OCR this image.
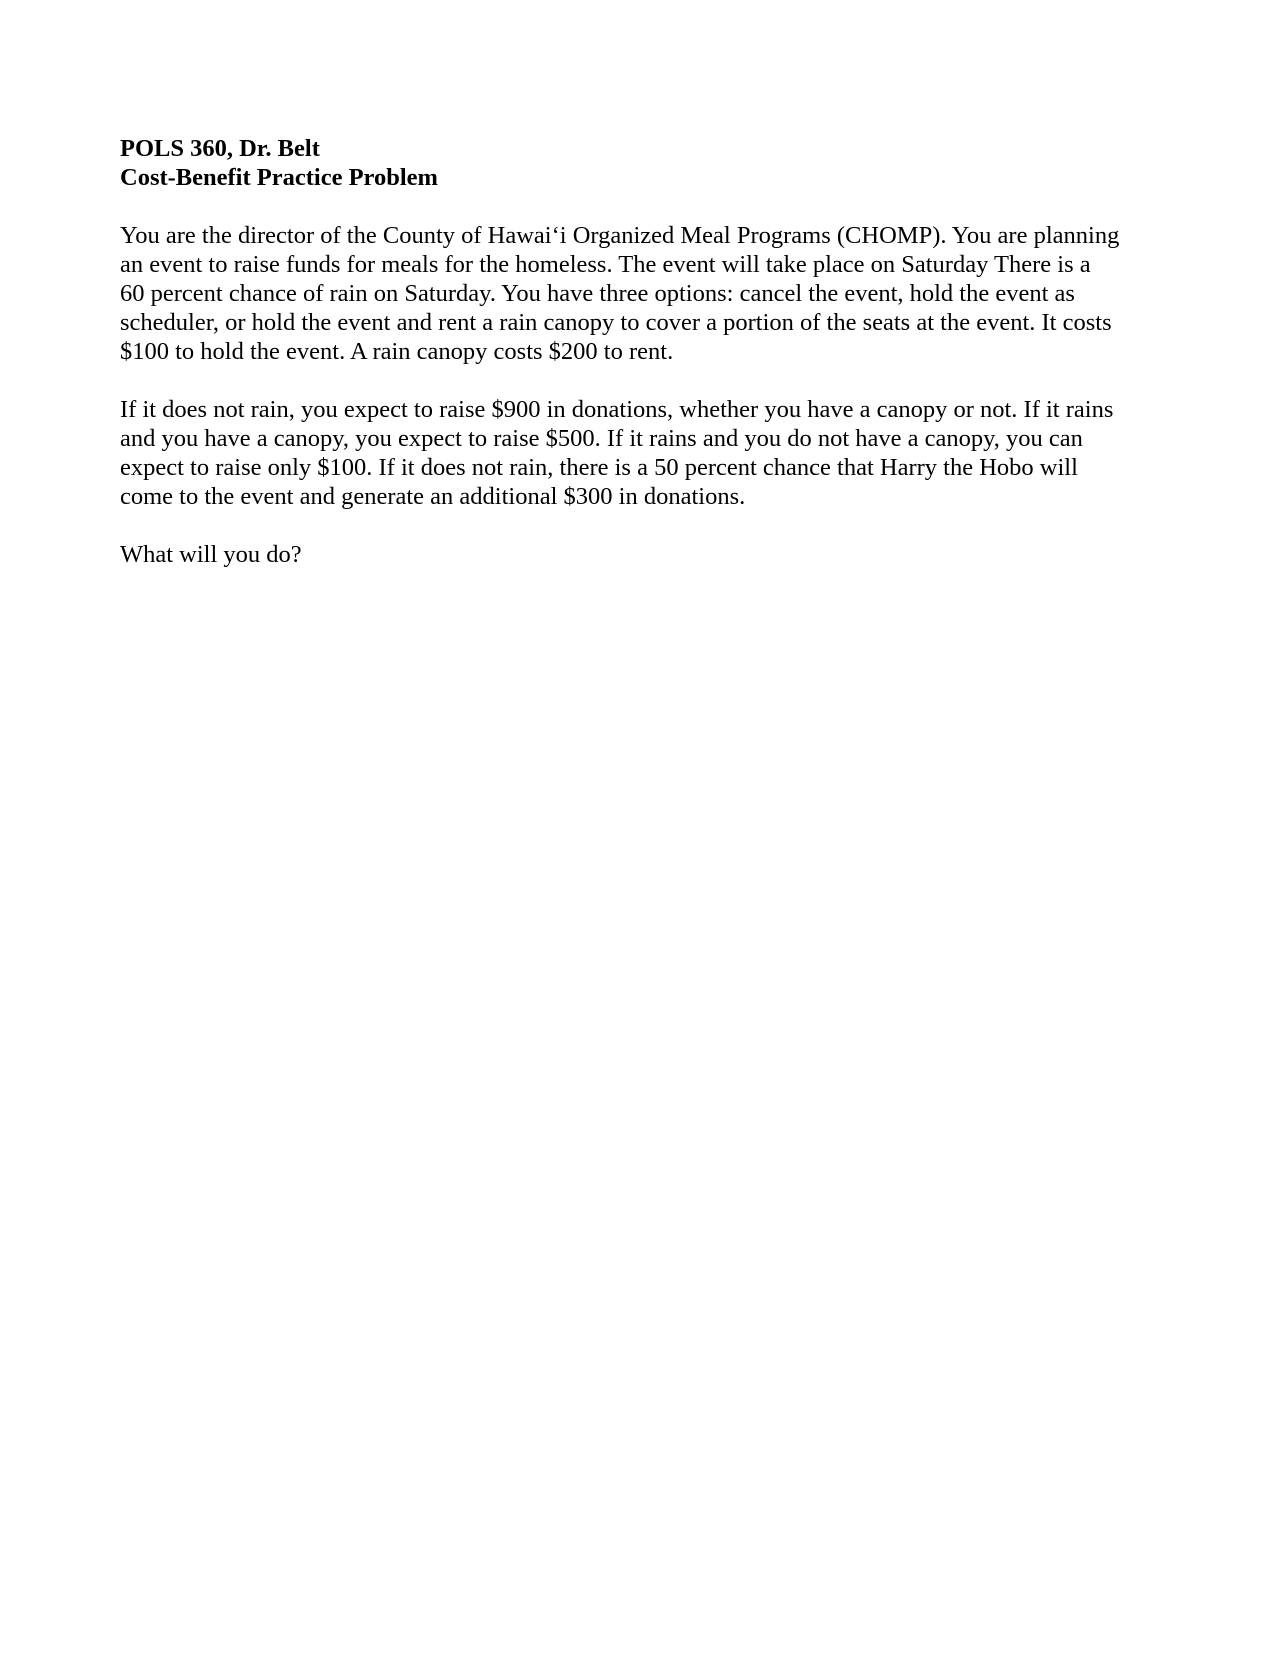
POLS 360, Dr. Belt

Cost-Benefit Practice Problem

You are the director of the County of Hawai‘i Organized Meal Programs (CHOMP). You are planning
an event to raise funds for meals for the homeless. The event will take place on Saturday There is a
60 percent chance of rain on Saturday. You have three options: cancel the event, hold the event as
scheduler, or hold the event and rent a rain canopy to cover a portion of the seats at the event. It costs
$100 to hold the event. A rain canopy costs $200 to rent.

If it does not rain, you expect to raise $900 in donations, whether you have a canopy or not. If it rains
and you have a canopy, you expect to raise $500. If it rains and you do not have a canopy, you can
expect to raise only $100. If it does not rain, there is a 50 percent chance that Harry the Hobo will
come to the event and generate an additional $300 in donations.

What will you do?
